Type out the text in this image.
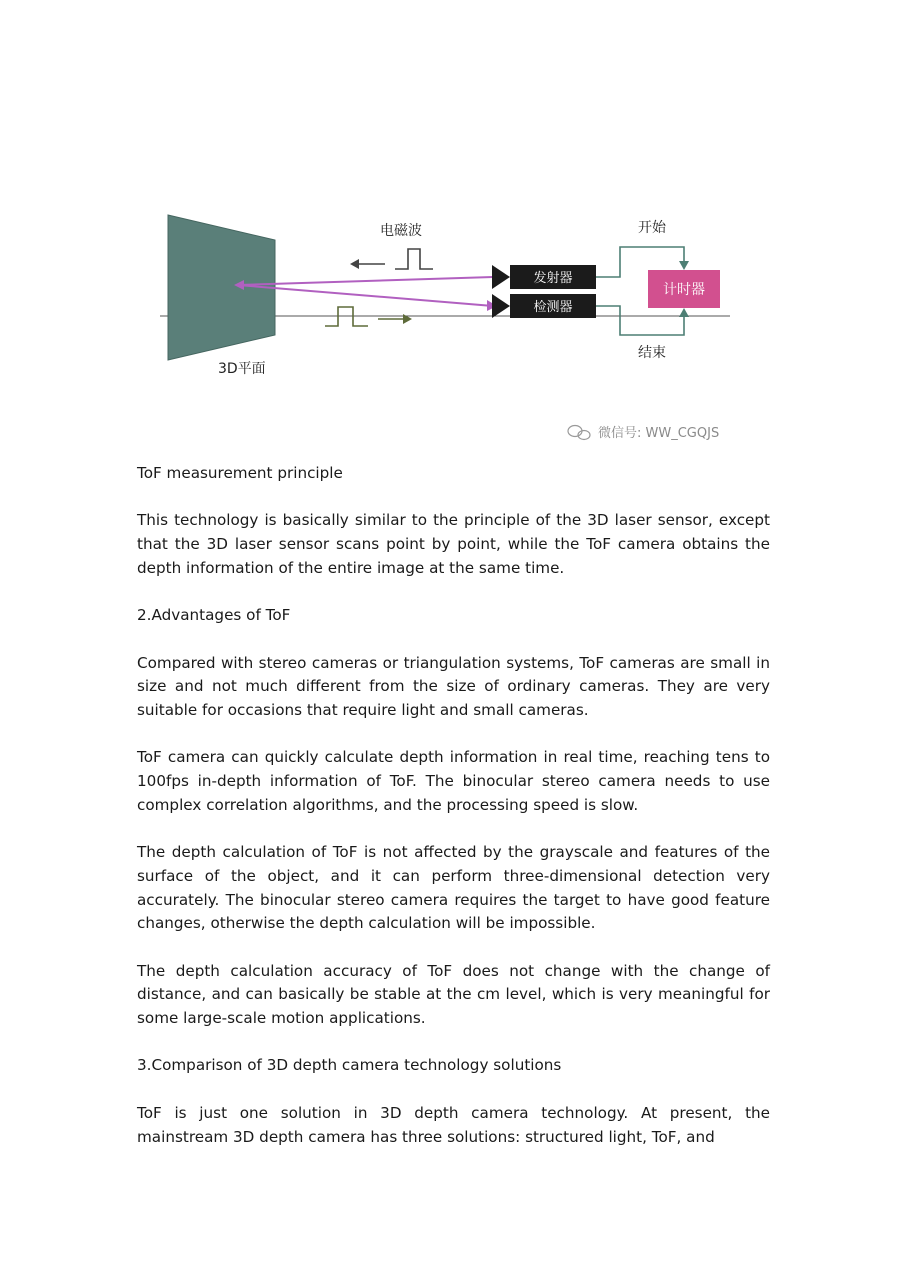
3D平面
电磁波
发射器
检测器
开始
结束
计时器
微信号: WW_CGQJS

ToF measurement principle

This technology is basically similar to the principle of the 3D laser sensor, except that the 3D laser sensor scans point by point, while the ToF camera obtains the depth information of the entire image at the same time.

2.Advantages of ToF

Compared with stereo cameras or triangulation systems, ToF cameras are small in size and not much different from the size of ordinary cameras. They are very suitable for occasions that require light and small cameras.

ToF camera can quickly calculate depth information in real time, reaching tens to 100fps in-depth information of ToF. The binocular stereo camera needs to use complex correlation algorithms, and the processing speed is slow.

The depth calculation of ToF is not affected by the grayscale and features of the surface of the object, and it can perform three-dimensional detection very accurately. The binocular stereo camera requires the target to have good feature changes, otherwise the depth calculation will be impossible.

The depth calculation accuracy of ToF does not change with the change of distance, and can basically be stable at the cm level, which is very meaningful for some large-scale motion applications.

3.Comparison of 3D depth camera technology solutions

ToF is just one solution in 3D depth camera technology. At present, the mainstream 3D depth camera has three solutions: structured light, ToF, and
